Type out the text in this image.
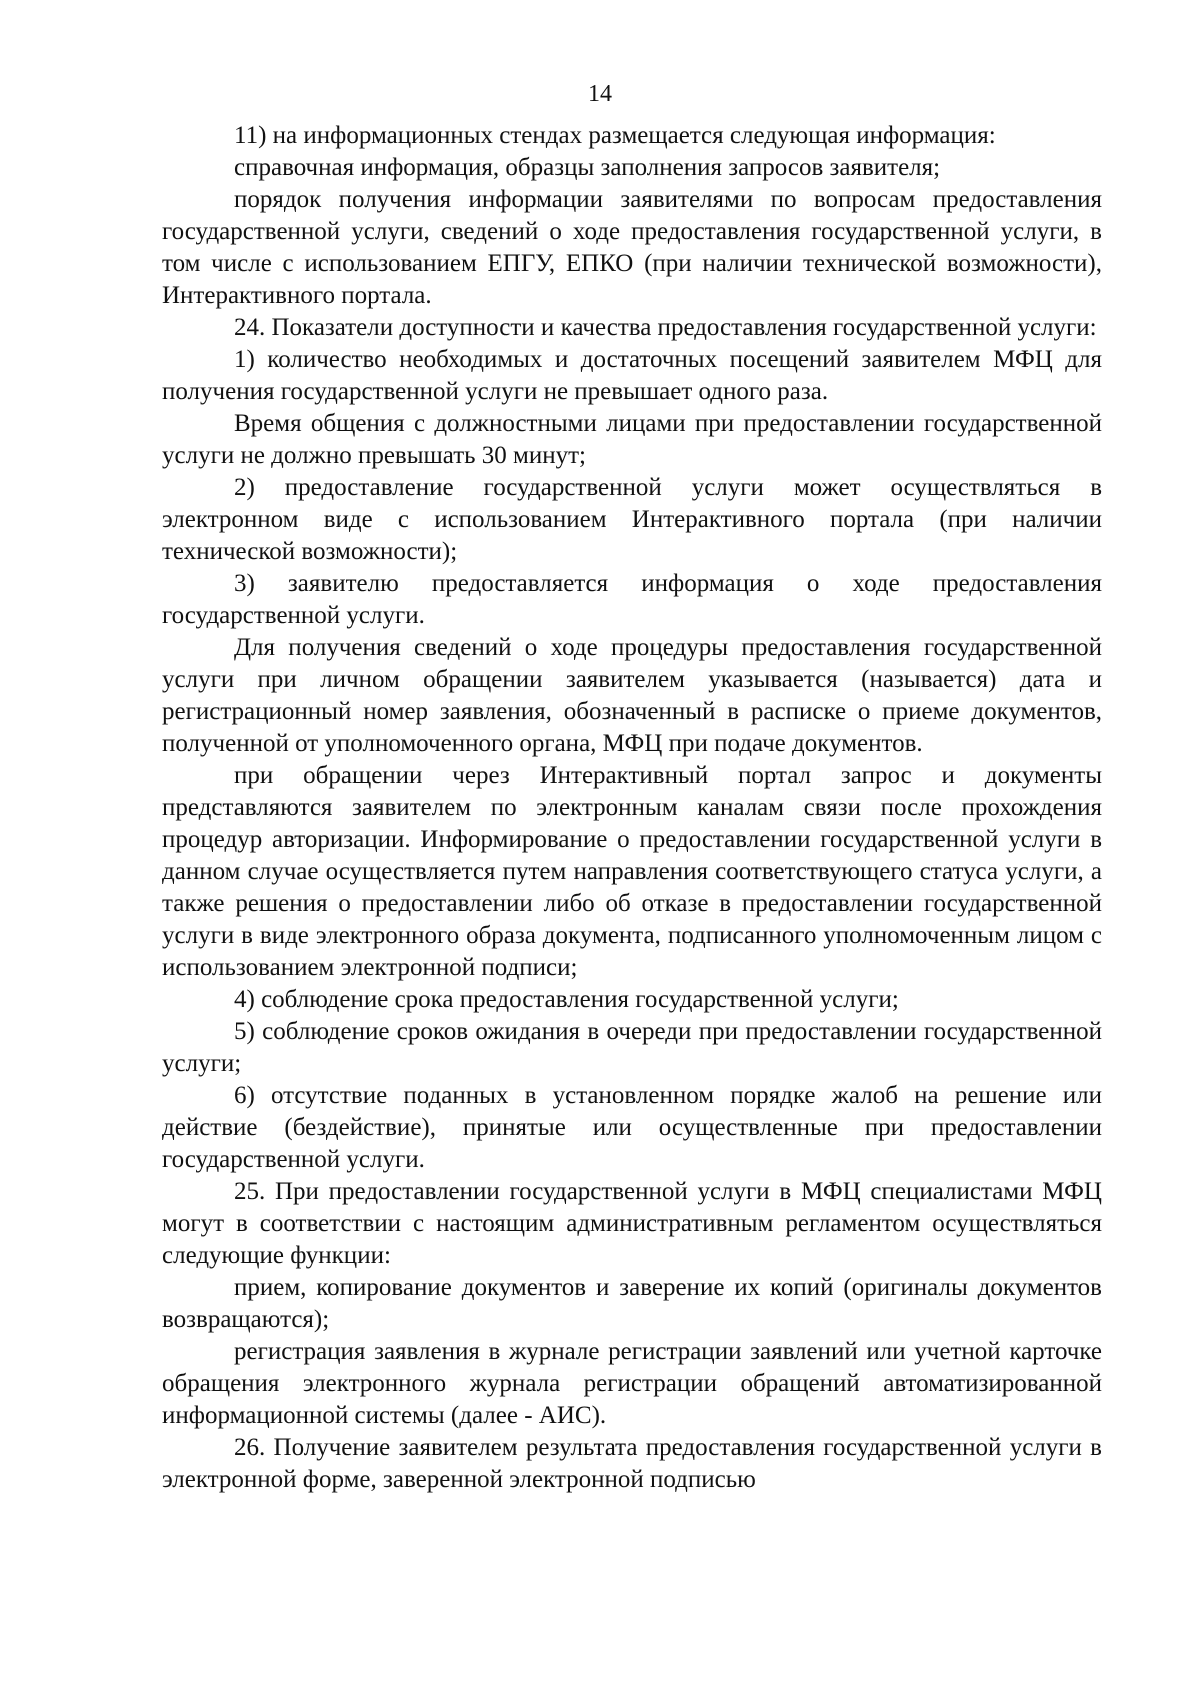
14

11) на информационных стендах размещается следующая информация:

справочная информация, образцы заполнения запросов заявителя;

порядок получения информации заявителями по вопросам предоставления государственной услуги, сведений о ходе предоставления государственной услуги, в том числе с использованием ЕПГУ, ЕПКО (при наличии технической возможности), Интерактивного портала.

24. Показатели доступности и качества предоставления государственной услуги:

1) количество необходимых и достаточных посещений заявителем МФЦ для получения государственной услуги не превышает одного раза.

Время общения с должностными лицами при предоставлении государственной услуги не должно превышать 30 минут;

2) предоставление государственной услуги может осуществляться в электронном виде с использованием Интерактивного портала (при наличии технической возможности);

3) заявителю предоставляется информация о ходе предоставления государственной услуги.

Для получения сведений о ходе процедуры предоставления государственной услуги при личном обращении заявителем указывается (называется) дата и регистрационный номер заявления, обозначенный в расписке о приеме документов, полученной от уполномоченного органа, МФЦ при подаче документов.

при обращении через Интерактивный портал запрос и документы представляются заявителем по электронным каналам связи после прохождения процедур авторизации. Информирование о предоставлении государственной услуги в данном случае осуществляется путем направления соответствующего статуса услуги, а также решения о предоставлении либо об отказе в предоставлении государственной услуги в виде электронного образа документа, подписанного уполномоченным лицом с использованием электронной подписи;

4) соблюдение срока предоставления государственной услуги;

5) соблюдение сроков ожидания в очереди при предоставлении государственной услуги;

6) отсутствие поданных в установленном порядке жалоб на решение или действие (бездействие), принятые или осуществленные при предоставлении государственной услуги.

25. При предоставлении государственной услуги в МФЦ специалистами МФЦ могут в соответствии с настоящим административным регламентом осуществляться следующие функции:

прием, копирование документов и заверение их копий (оригиналы документов возвращаются);

регистрация заявления в журнале регистрации заявлений или учетной карточке обращения электронного журнала регистрации обращений автоматизированной информационной системы (далее - АИС).

26. Получение заявителем результата предоставления государственной услуги в электронной форме, заверенной электронной подписью
